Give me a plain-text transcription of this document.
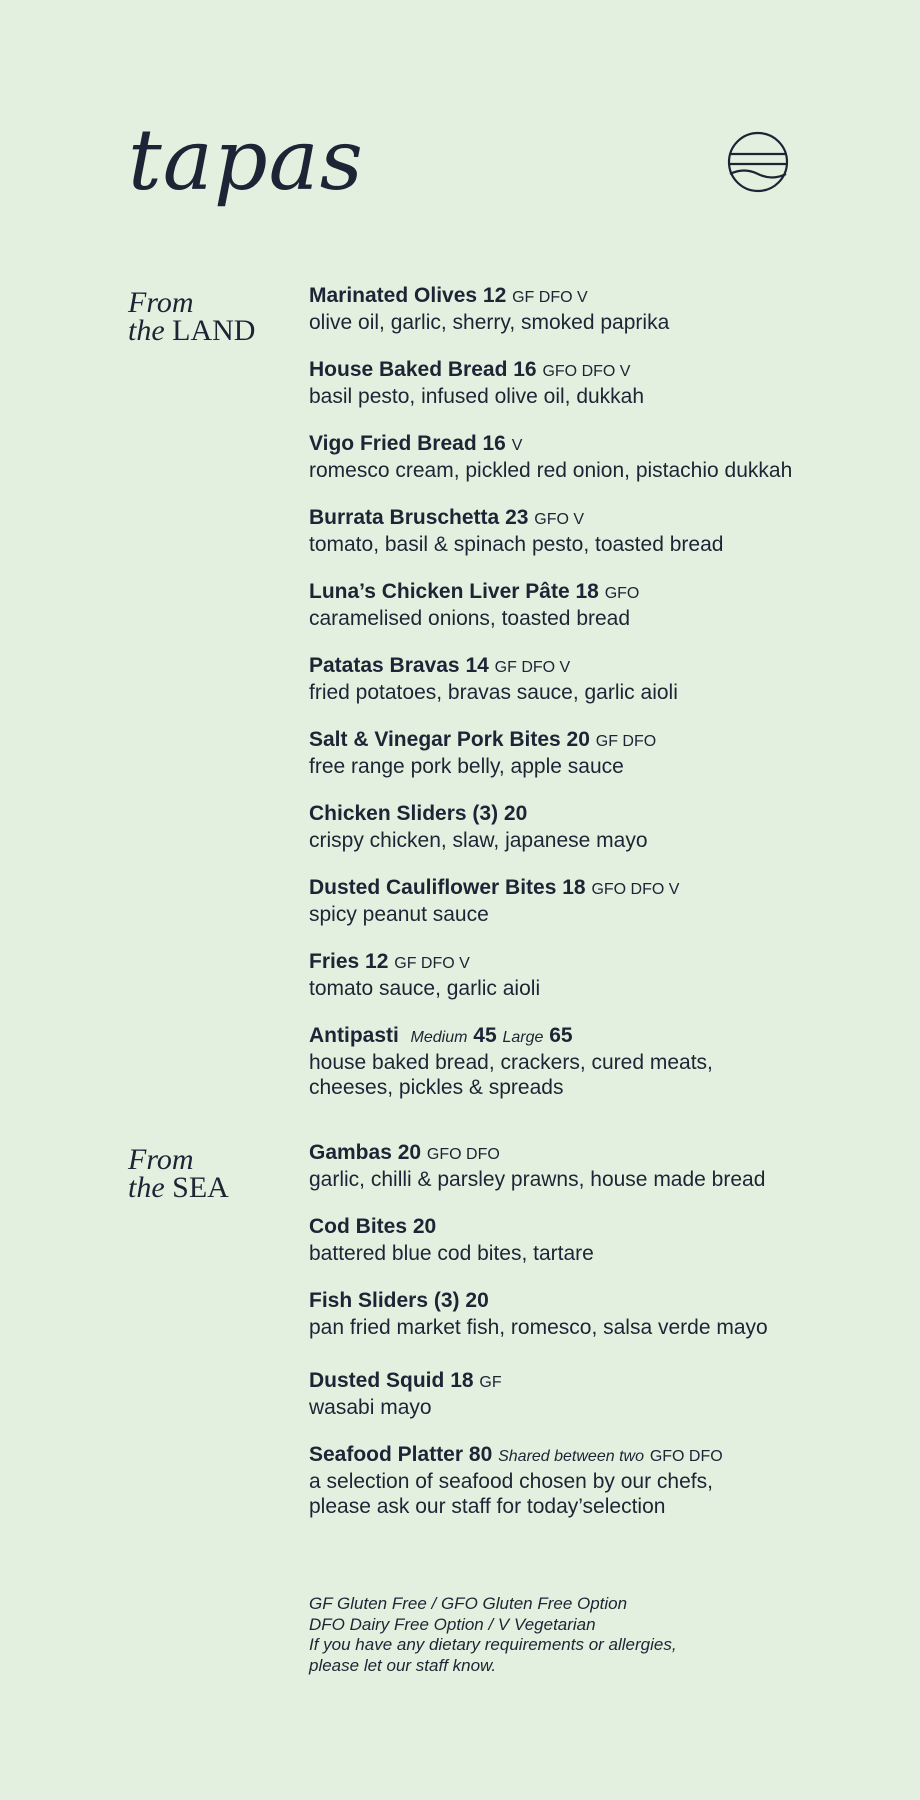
tapas
From
the LAND
Marinated Olives 12 GF DFO V
olive oil, garlic, sherry, smoked paprika
House Baked Bread 16 GFO DFO V
basil pesto, infused olive oil, dukkah
Vigo Fried Bread 16 V
romesco cream, pickled red onion, pistachio dukkah
Burrata Bruschetta 23 GFO V
tomato, basil & spinach pesto, toasted bread
Luna’s Chicken Liver Pâte 18 GFO
caramelised onions, toasted bread
Patatas Bravas 14 GF DFO V
fried potatoes, bravas sauce, garlic aioli
Salt & Vinegar Pork Bites 20 GF DFO
free range pork belly, apple sauce
Chicken Sliders (3) 20
crispy chicken, slaw, japanese mayo
Dusted Cauliflower Bites 18 GFO DFO V
spicy peanut sauce
Fries 12 GF DFO V
tomato sauce, garlic aioli
Antipasti Medium 45 Large 65
house baked bread, crackers, cured meats,
cheeses, pickles & spreads
From
the SEA
Gambas 20 GFO DFO
garlic, chilli & parsley prawns, house made bread
Cod Bites 20
battered blue cod bites, tartare
Fish Sliders (3) 20
pan fried market fish, romesco, salsa verde mayo
Dusted Squid 18 GF
wasabi mayo
Seafood Platter 80 Shared between two GFO DFO
a selection of seafood chosen by our chefs,
please ask our staff for today’selection
GF Gluten Free / GFO Gluten Free Option
DFO Dairy Free Option / V Vegetarian
If you have any dietary requirements or allergies,
please let our staff know.
